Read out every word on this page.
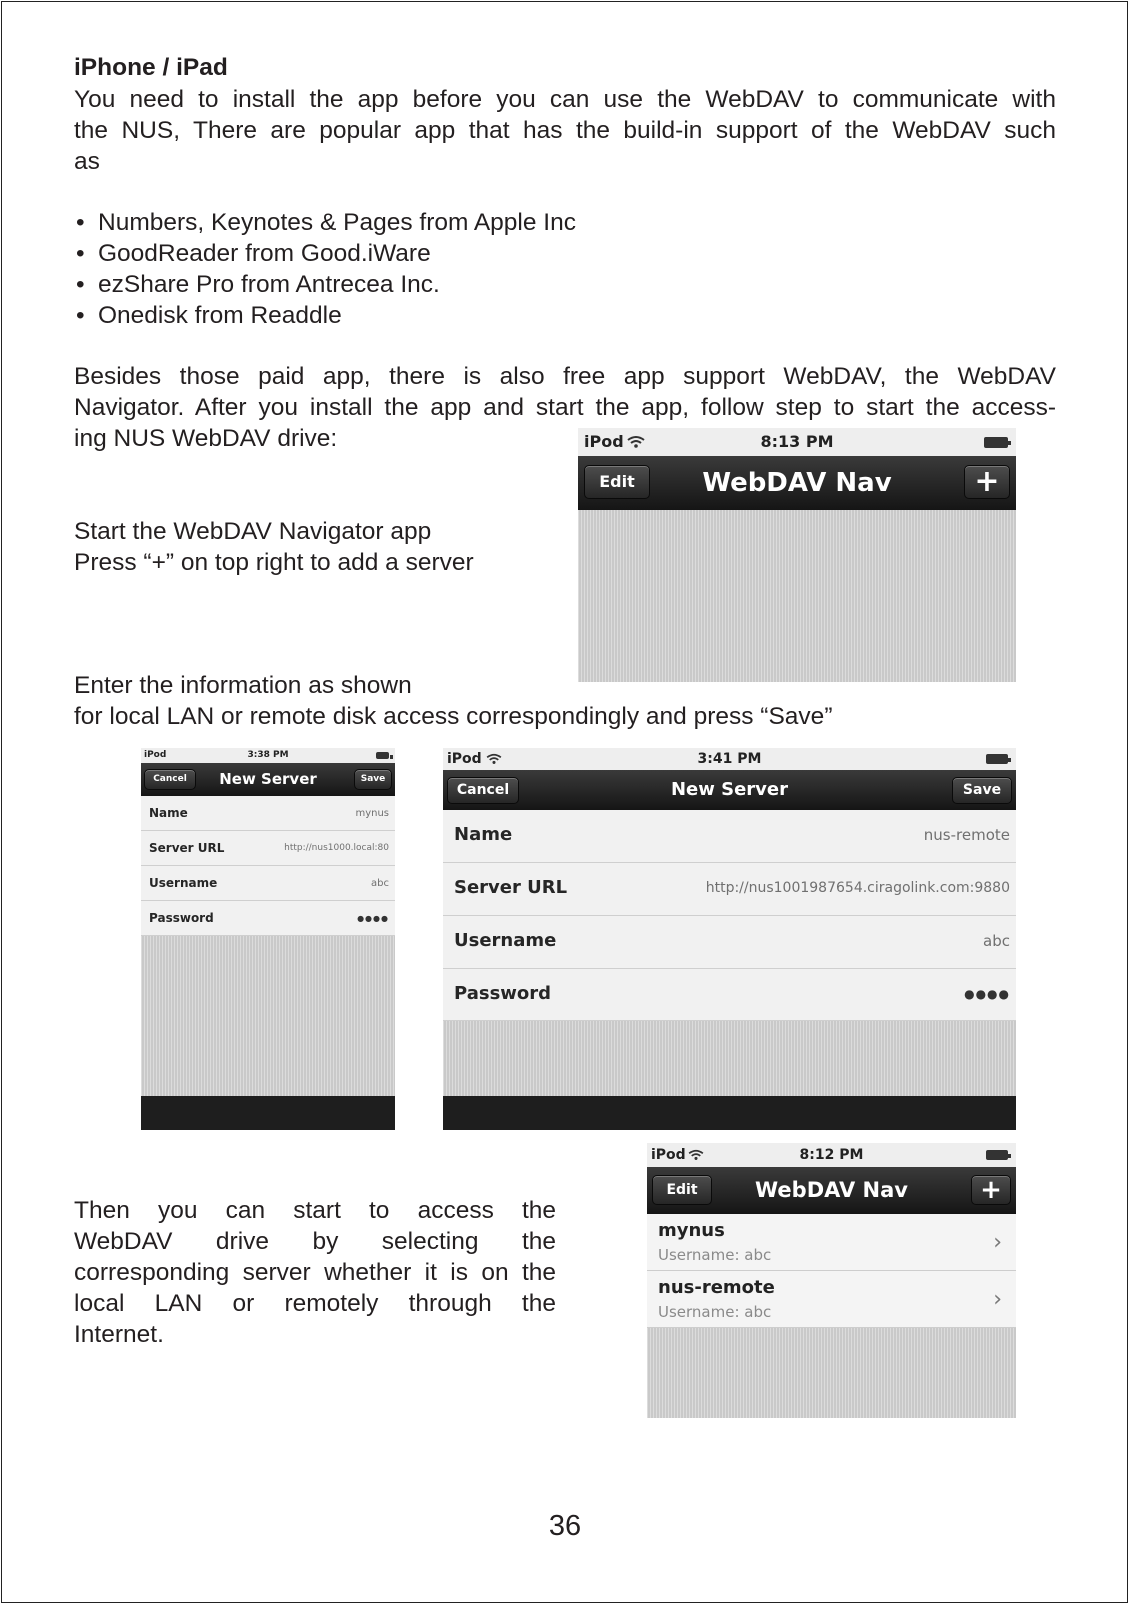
iPhone / iPad
You need to install the app before you can use the WebDAV to communicate with
the NUS, There are popular app that has the build-in support of the WebDAV such
as
• Numbers, Keynotes & Pages from Apple Inc
• GoodReader from Good.iWare
• ezShare Pro from Antrecea Inc.
• Onedisk from Readdle
Besides those paid app, there is also free app support WebDAV, the WebDAV
Navigator. After you install the app and start the app, follow step to start the access-
ing NUS WebDAV drive:
Start the WebDAV Navigator app
Press “+” on top right to add a server
iPod	8:13 PM
Edit	WebDAV Nav	+
Enter the information as shown
for local LAN or remote disk access correspondingly and press “Save”
iPod	3:38 PM
Cancel	New Server	Save
Name	mynus
Server URL	http://nus1000.local:80
Username	abc
Password	●●●●
iPod	3:41 PM
Cancel	New Server	Save
Name	nus-remote
Server URL	http://nus1001987654.ciragolink.com:9880
Username	abc
Password	●●●●
Then you can start to access the
WebDAV drive by selecting the
corresponding server whether it is on the
local LAN or remotely through the
Internet.
iPod	8:12 PM
Edit	WebDAV Nav	+
mynus
Username: abc	›
nus-remote
Username: abc	›
36
